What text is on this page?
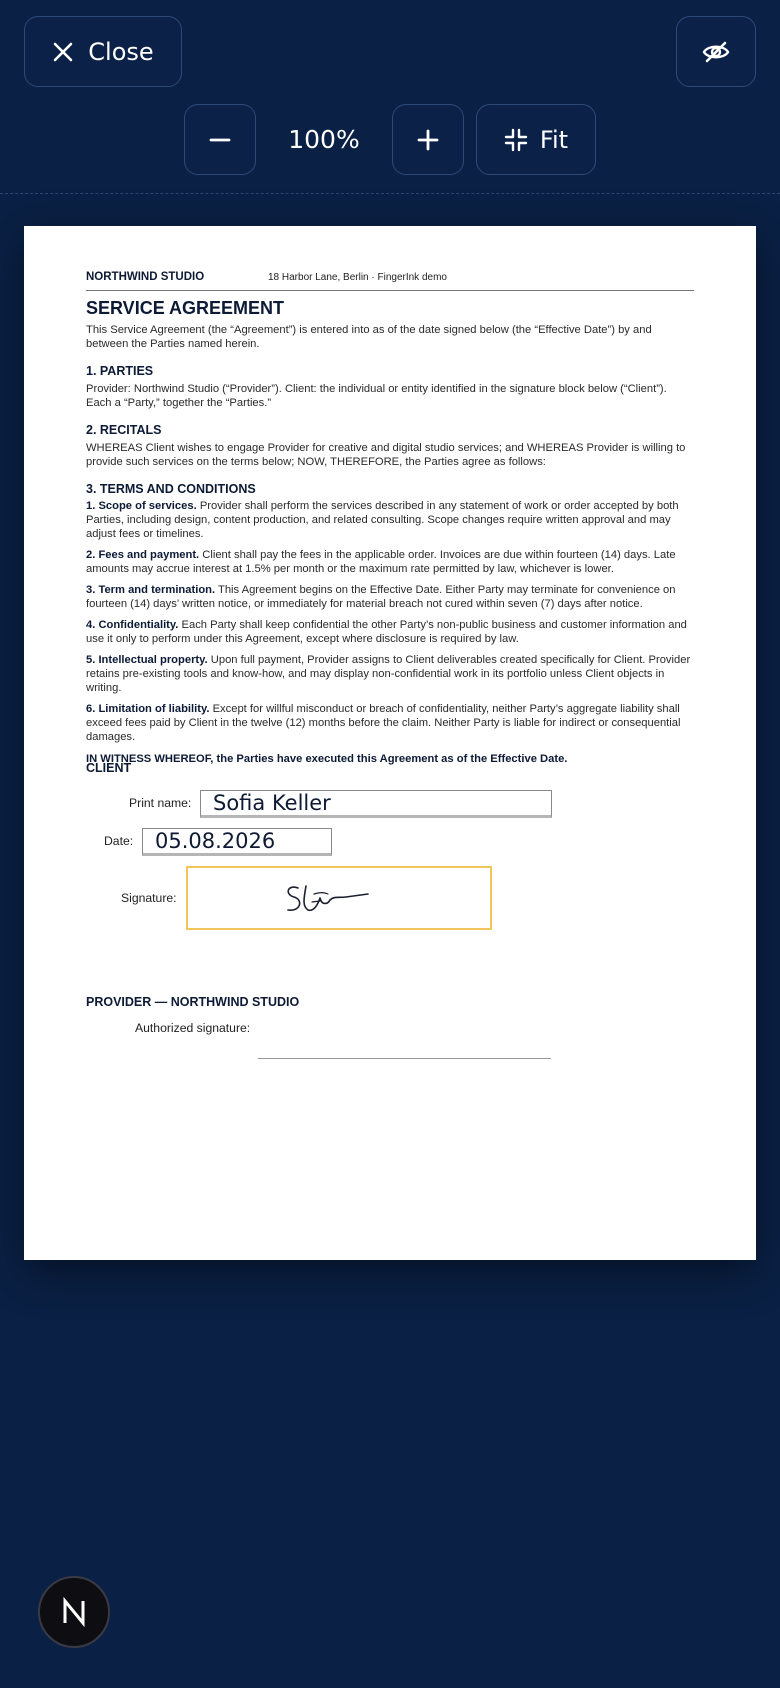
Close
100%	Fit
NORTHWIND STUDIO	18 Harbor Lane, Berlin · FingerInk demo
SERVICE AGREEMENT

This Service Agreement (the “Agreement”) is entered into as of the date signed below (the “Effective Date”) by and between the Parties named herein.

1. PARTIES

Provider: Northwind Studio (“Provider”). Client: the individual or entity identified in the signature block below (“Client”). Each a “Party,” together the “Parties.”

2. RECITALS

WHEREAS Client wishes to engage Provider for creative and digital studio services; and WHEREAS Provider is willing to provide such services on the terms below; NOW, THEREFORE, the Parties agree as follows:

3. TERMS AND CONDITIONS

1. Scope of services. Provider shall perform the services described in any statement of work or order accepted by both Parties, including design, content production, and related consulting. Scope changes require written approval and may adjust fees or timelines.

2. Fees and payment. Client shall pay the fees in the applicable order. Invoices are due within fourteen (14) days. Late amounts may accrue interest at 1.5% per month or the maximum rate permitted by law, whichever is lower.

3. Term and termination. This Agreement begins on the Effective Date. Either Party may terminate for convenience on fourteen (14) days’ written notice, or immediately for material breach not cured within seven (7) days after notice.

4. Confidentiality. Each Party shall keep confidential the other Party’s non-public business and customer information and use it only to perform under this Agreement, except where disclosure is required by law.

5. Intellectual property. Upon full payment, Provider assigns to Client deliverables created specifically for Client. Provider retains pre-existing tools and know-how, and may display non-confidential work in its portfolio unless Client objects in writing.

6. Limitation of liability. Except for willful misconduct or breach of confidentiality, neither Party’s aggregate liability shall exceed fees paid by Client in the twelve (12) months before the claim. Neither Party is liable for indirect or consequential damages.

IN WITNESS WHEREOF, the Parties have executed this Agreement as of the Effective Date.

CLIENT
Print name:	Sofia Keller
Date:	05.08.2026
Signature:
PROVIDER — NORTHWIND STUDIO
Authorized signature:
